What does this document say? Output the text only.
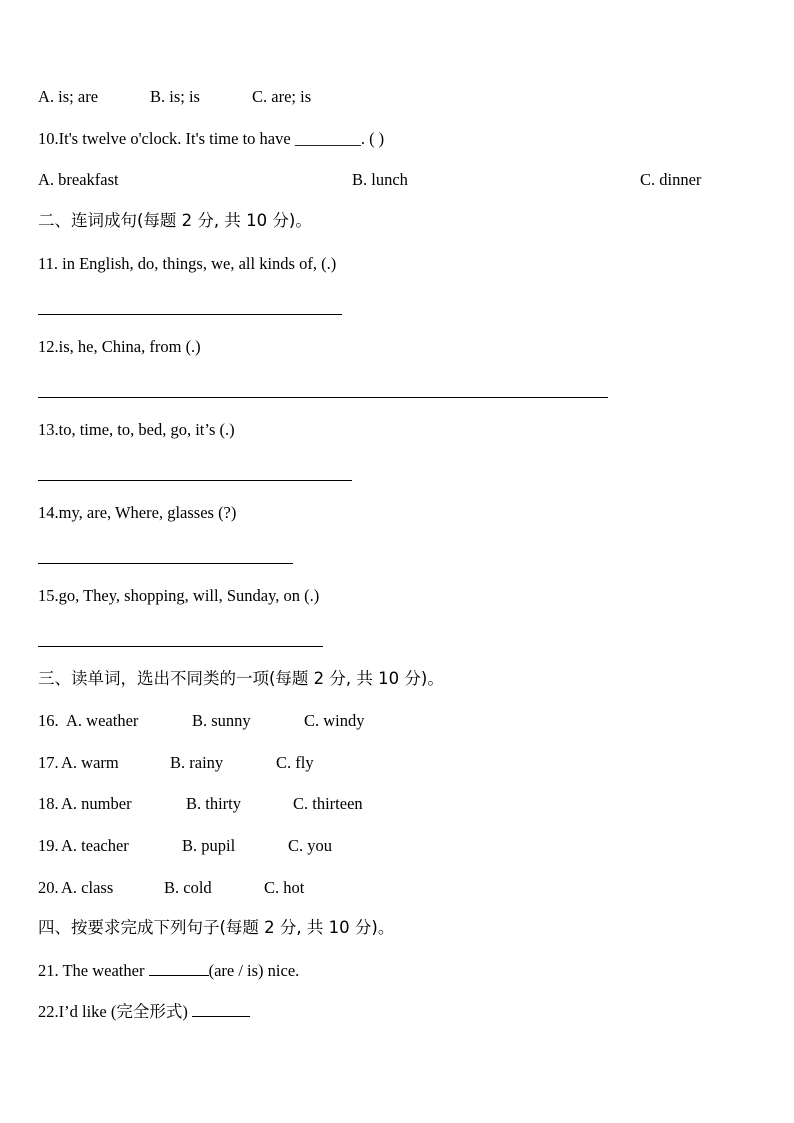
A. is; are	B. is; is	C. are; is
10.It's twelve o'clock. It's time to have ________. ( )
A. breakfast	B. lunch	C. dinner
二、连词成句(每题 2 分, 共 10 分)。
11. in English, do, things, we, all kinds of, (.)
12.is, he, China, from (.)
13.to, time, to, bed, go, it’s (.)
14.my, are, Where, glasses (?)
15.go, They, shopping, will, Sunday, on (.)
三、读单词，选出不同类的一项(每题 2 分, 共 10 分)。
16. A. weather	B. sunny	C. windy
17. A. warm	B. rainy	C. fly
18. A. number	B. thirty	C. thirteen
19. A. teacher	B. pupil	C. you
20. A. class	B. cold	C. hot
四、按要求完成下列句子(每题 2 分, 共 10 分)。
21. The weather	(are / is) nice.
22.I’d like (完全形式)
